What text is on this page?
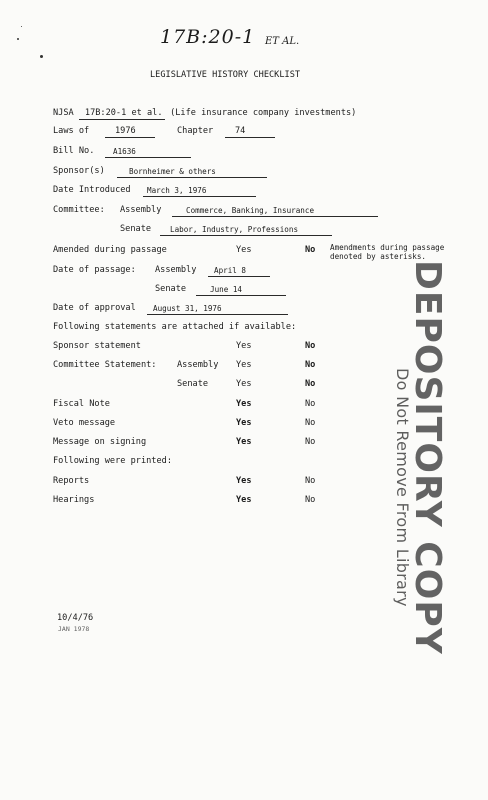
17B:20-1 ET AL.
LEGISLATIVE HISTORY CHECKLIST
NJSA 17B:20-1 et al. (Life insurance company investments)
Laws of	1976	Chapter	74
Bill No.	A1636
Sponsor(s)	Bornheimer & others
Date Introduced	March 3, 1976
Committee: Assembly	Commerce, Banking, Insurance
Senate	Labor, Industry, Professions
Amended during passage	Yes	No Amendments during passage
denoted by asterisks.
Date of passage: Assembly	April 8
Senate	June 14
Date of approval	August 31, 1976
Following statements are attached if available:
Sponsor statement	Yes	No
Committee Statement: Assembly Yes	No
Senate	Yes	No
Fiscal Note	Yes	No
Veto message	Yes	No
Message on signing	Yes	No
Following were printed:
Reports	Yes	No
Hearings	Yes	No	DEPOSITORY COPY
Do Not Remove From Library
10/4/76
JAN 1978
